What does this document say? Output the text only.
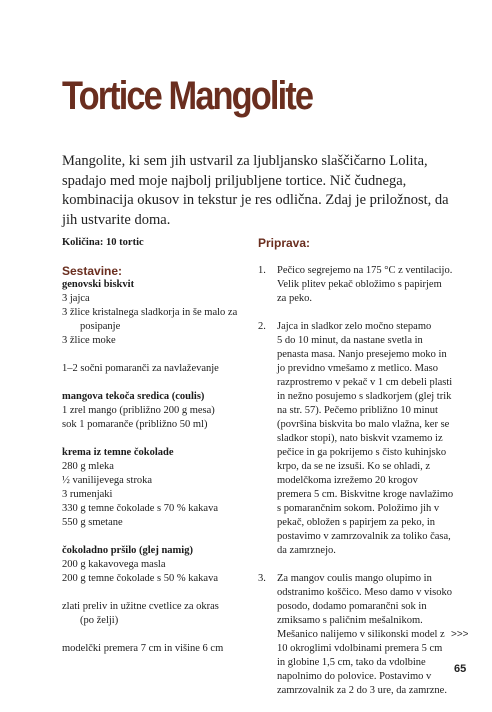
Tortice Mangolite
Mangolite, ki sem jih ustvaril za ljubljansko slaščičarno Lolita,
spadajo med moje najbolj priljubljene tortice. Nič čudnega,
kombinacija okusov in tekstur je res odlična. Zdaj je priložnost, da
jih ustvarite doma.
Količina: 10 tortic
Sestavine:
genovski biskvit
3 jajca
3 žlice kristalnega sladkorja in še malo za
posipanje
3 žlice moke
1–2 sočni pomaranči za navlaževanje
mangova tekoča sredica (coulis)
1 zrel mango (približno 200 g mesa)
sok 1 pomaranče (približno 50 ml)
krema iz temne čokolade
280 g mleka
½ vanilijevega stroka
3 rumenjaki
330 g temne čokolade s 70 % kakava
550 g smetane
čokoladno pršilo (glej namig)
200 g kakavovega masla
200 g temne čokolade s 50 % kakava
zlati preliv in užitne cvetlice za okras
(po želji)
modelčki premera 7 cm in višine 6 cm
Priprava:
1. Pečico segrejemo na 175 °C z ventilacijo.
Velik plitev pekač obložimo s papirjem
za peko.
2. Jajca in sladkor zelo močno stepamo
5 do 10 minut, da nastane svetla in
penasta masa. Nanjo presejemo moko in
jo previdno vmešamo z metlico. Maso
razprostremo v pekač v 1 cm debeli plasti
in nežno posujemo s sladkorjem (glej trik
na str. 57). Pečemo približno 10 minut
(površina biskvita bo malo vlažna, ker se
sladkor stopi), nato biskvit vzamemo iz
pečice in ga pokrijemo s čisto kuhinjsko
krpo, da se ne izsuši. Ko se ohladi, z
modelčkoma izrežemo 20 krogov
premera 5 cm. Biskvitne kroge navlažimo
s pomarančnim sokom. Položimo jih v
pekač, obložen s papirjem za peko, in
postavimo v zamrzovalnik za toliko časa,
da zamrznejo.
3. Za mangov coulis mango olupimo in
odstranimo koščico. Meso damo v visoko
posodo, dodamo pomarančni sok in
zmiksamo s paličnim mešalnikom.
Mešanico nalijemo v silikonski model z
10 okroglimi vdolbinami premera 5 cm
in globine 1,5 cm, tako da vdolbine
napolnimo do polovice. Postavimo v
zamrzovalnik za 2 do 3 ure, da zamrzne.
>>>
65
